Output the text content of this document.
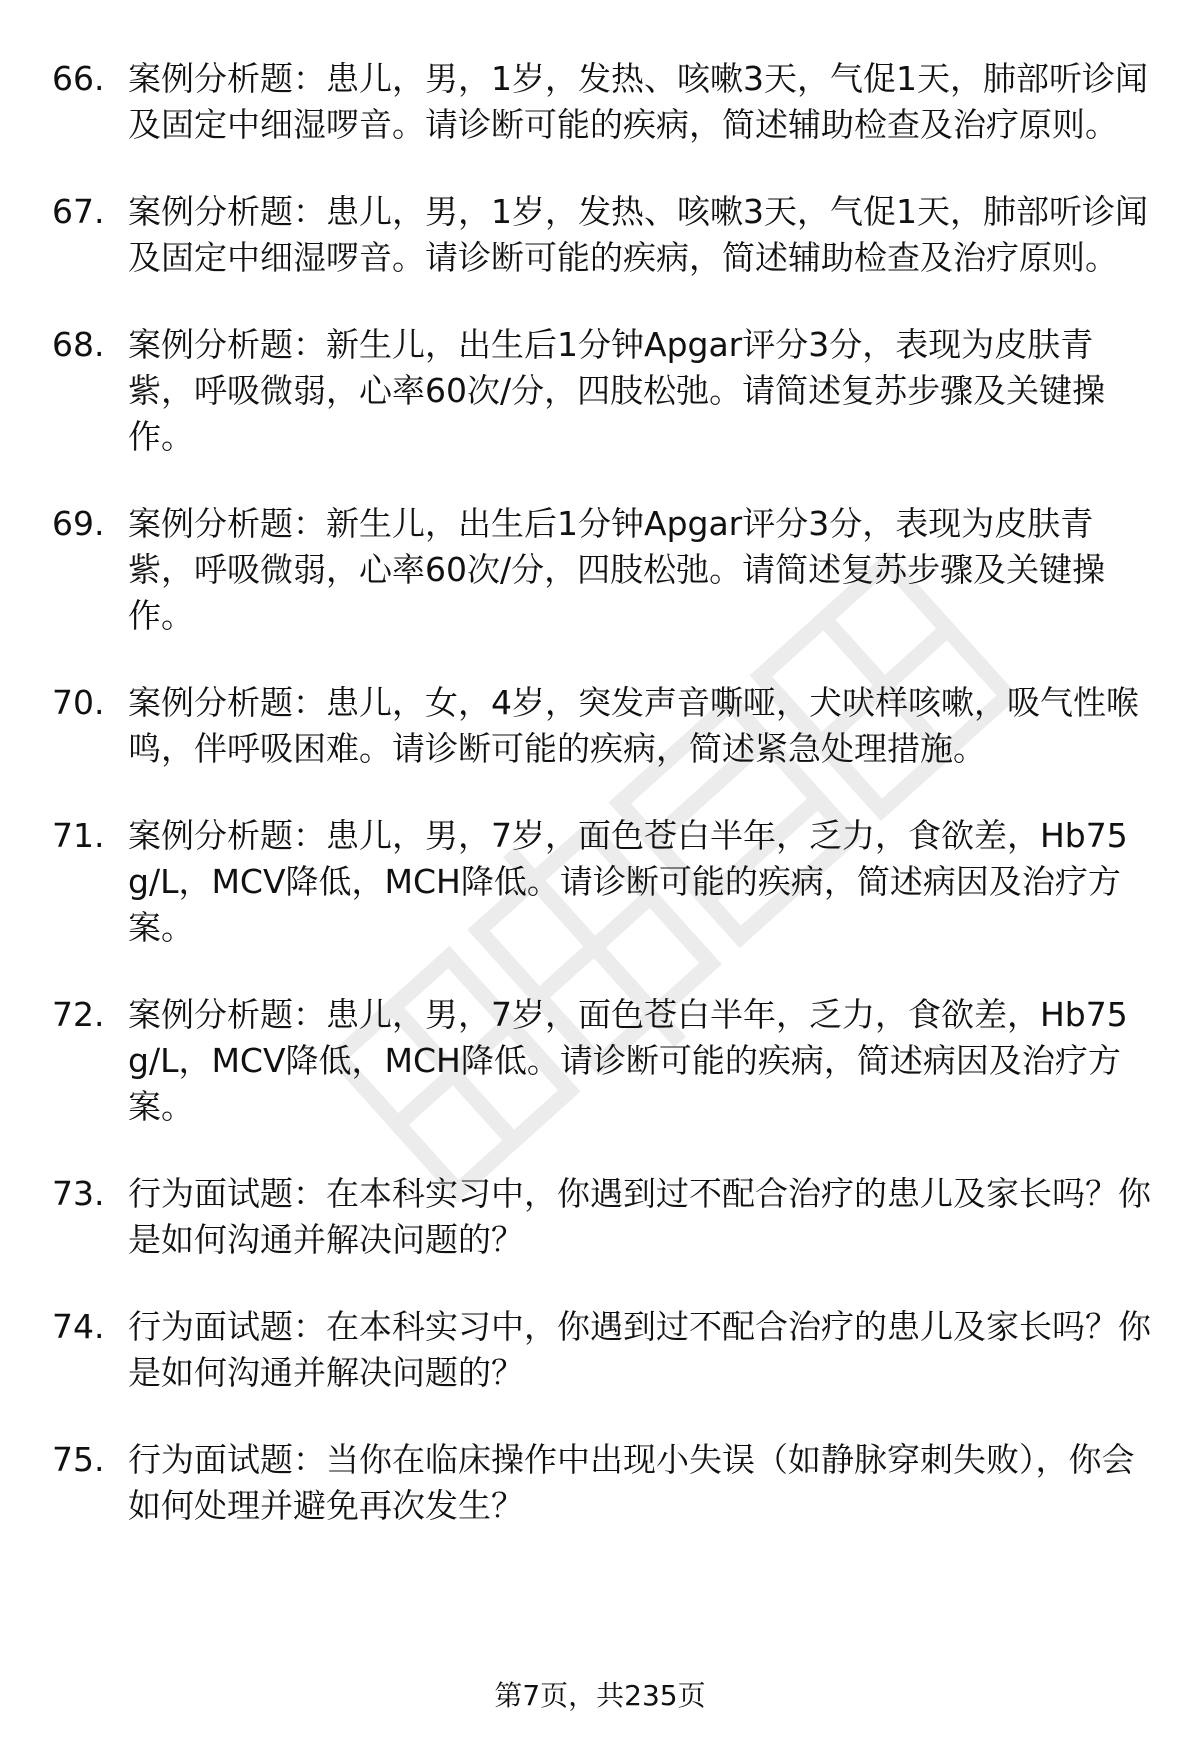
66. 案例分析题：患儿，男，1岁，发热、咳嗽3天，气促1天，肺部听诊闻及固定中细湿啰音。请诊断可能的疾病，简述辅助检查及治疗原则。
67. 案例分析题：患儿，男，1岁，发热、咳嗽3天，气促1天，肺部听诊闻及固定中细湿啰音。请诊断可能的疾病，简述辅助检查及治疗原则。
68. 案例分析题：新生儿，出生后1分钟Apgar评分3分，表现为皮肤青紫，呼吸微弱，心率60次/分，四肢松弛。请简述复苏步骤及关键操作。
69. 案例分析题：新生儿，出生后1分钟Apgar评分3分，表现为皮肤青紫，呼吸微弱，心率60次/分，四肢松弛。请简述复苏步骤及关键操作。
70. 案例分析题：患儿，女，4岁，突发声音嘶哑，犬吠样咳嗽，吸气性喉鸣，伴呼吸困难。请诊断可能的疾病，简述紧急处理措施。
71. 案例分析题：患儿，男，7岁，面色苍白半年，乏力，食欲差，Hb75g/L，MCV降低，MCH降低。请诊断可能的疾病，简述病因及治疗方案。
72. 案例分析题：患儿，男，7岁，面色苍白半年，乏力，食欲差，Hb75g/L，MCV降低，MCH降低。请诊断可能的疾病，简述病因及治疗方案。
73. 行为面试题：在本科实习中，你遇到过不配合治疗的患儿及家长吗？你是如何沟通并解决问题的？
74. 行为面试题：在本科实习中，你遇到过不配合治疗的患儿及家长吗？你是如何沟通并解决问题的？
75. 行为面试题：当你在临床操作中出现小失误（如静脉穿刺失败），你会如何处理并避免再次发生？
第7页，共235页
